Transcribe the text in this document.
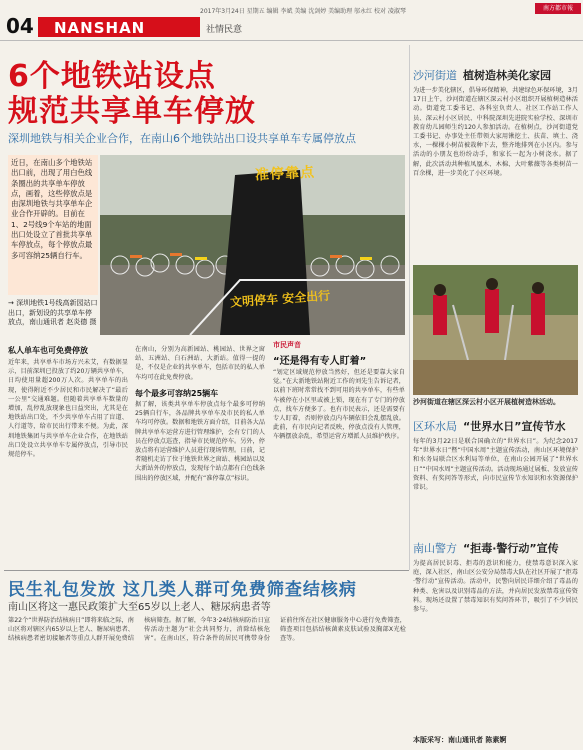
2017年3月24日 星期五 编辑 李斌 美编 沈剑婷 美编助理 邬永红 校对 凌淑琴	南方都市報
04 NANSHAN	社情民意
6个地铁站设点
规范共享单车停放
深圳地铁与相关企业合作，在南山6个地铁站出口设共享单车专属停放点
近日，在南山多个地铁站出口前，出现了用白色线条圈出的共享单车停放点，画着，这些停放点是由深圳地铁与共享单车企业合作开辟的。目前在1、2号线9个车站的地面出口处设立了首批共享单车停放点，每个停放点最多可容纳25辆自行车。
准停靠点
文明停车 安全出行
→ 深圳地铁1号线高新园站口出口，新划设的共享单车停放点，南山通讯者 赵炎德 摄
私人单车也可免费停放
近年来，共享单车市场方兴未艾，有数据显示，目前深圳已投放了约20万辆共享单车，日均使用量超200万人次。共享单车的出现，使得附近不少居民和市民解决了“最后一公里”交通难题。但随着共享单车数量的增加，乱停乱放现象也日益突出，尤其是在地铁站出口处，不少共享单车占用了盲道、人行道等，给市民出行带来不便。为此，深圳地铁集团与共享单车企业合作，在地铁站出口处设立共享单车专属停放点，引导市民规范停车。
在南山，分别为高新园站、桃园站、世界之窗站、五洲站、白石洲站、大新站。值得一提的是，不仅是企业的共享单车，包括市民的私人单车均可在此免费停放。
每个最多可容纳25辆车
据了解，该类共享单车停放点每个最多可停纳25辆自行车，各品牌共享单车及市民的私人单车均可停放。数据和地铁方面介绍，目前各大品牌共享单车运营方进行管理维护，会有专门的人员在停放点巡查，指导市民规范停车。另外，停放点将有运营维护人员进行现场管理。日前，记者随机走访了位于地铁世界之窗站、桃园站以及大新站外的停放点，发现每个站点都有白色线条围出的停放区域，并配有“准停靠点”标识。
市民声音
“还是得有专人盯着”
“划定区域规范停放当然好，但还是要靠大家自觉。”在大新地铁站附近工作的刘先生告诉记者，以前下班时常常找不到可用的共享单车，有些单车被停在小区里或被上锁，现在有了专门的停放点，找车方便多了。也有市民表示，还是需要有专人盯着，否则停放点内车辆依旧会乱摆乱放。此前，有市民向记者反映，停放点没有人管理，车辆摆放杂乱，希望运营方增派人员维护秩序。
沙河街道 植树造林美化家园
为进一步美化辖区，倡导环保精神，共建绿色环保环境，3月17日上午，沙河街道在辖区深云村小区组织开展植树造林活动。街道党工委书记、各科室负责人、社区工作站工作人员、深云村小区居民、中科院深圳先进院实验学校、深圳市教育幼儿园师生约120人参加活动。在植树点，沙河街道党工委书记、办事处主任带领大家用锹挖土、扶苗、填土、浇水，一棵棵小树苗被栽种下去，整齐地排列在小区内。参与活动的小朋友也纷纷动手，和家长一起为小树浇水。据了解，此次活动共种植凤凰木、木棉、大叶紫薇等各类树苗一百余棵，进一步美化了小区环境。
沙河街道在辖区深云村小区开展植树造林活动。
区环水局 “世界水日”宣传节水
每年的3月22日是联合国确立的“世界水日”。为纪念2017年“世界水日”暨“中国水周”主题宣传活动，南山区环境保护和水务局联合区水利局等单位，在南山公园开展了“世界水日”“中国水周”主题宣传活动。活动现场通过展板、发放宣传资料、有奖问答等形式，向市民宣传节水知识和水资源保护常识。
南山警方 “拒毒·警行动”宣传
为提高居民识毒、拒毒的意识和能力，使禁毒意识深入家庭，深入社区，南山区公安分局禁毒大队在社区开展了“拒毒·警行动”宣传活动。活动中，民警向居民详细介绍了毒品的种类、危害以及识别毒品的方法，并向居民发放禁毒宣传资料。现场还设置了禁毒知识有奖问答环节，吸引了不少居民参与。
本版采写：南山通讯者 陈素婀
民生礼包发放 这几类人群可免费筛查结核病
南山区将这一惠民政策扩大至65岁以上老人、糖尿病患者等
第22个“世界防治结核病日”即将来临之际，南山区将对辖区内65岁以上老人、糖尿病患者、结核病患者密切接触者等重点人群开展免费结核病筛查。据了解，今年3·24结核病防治日宣传活动主题为“社会共同努力，消除结核危害”。在南山区，符合条件的居民可携带身份证前往所在社区健康服务中心进行免费筛查，筛查项目包括结核菌素皮肤试验及胸部X光检查等。
